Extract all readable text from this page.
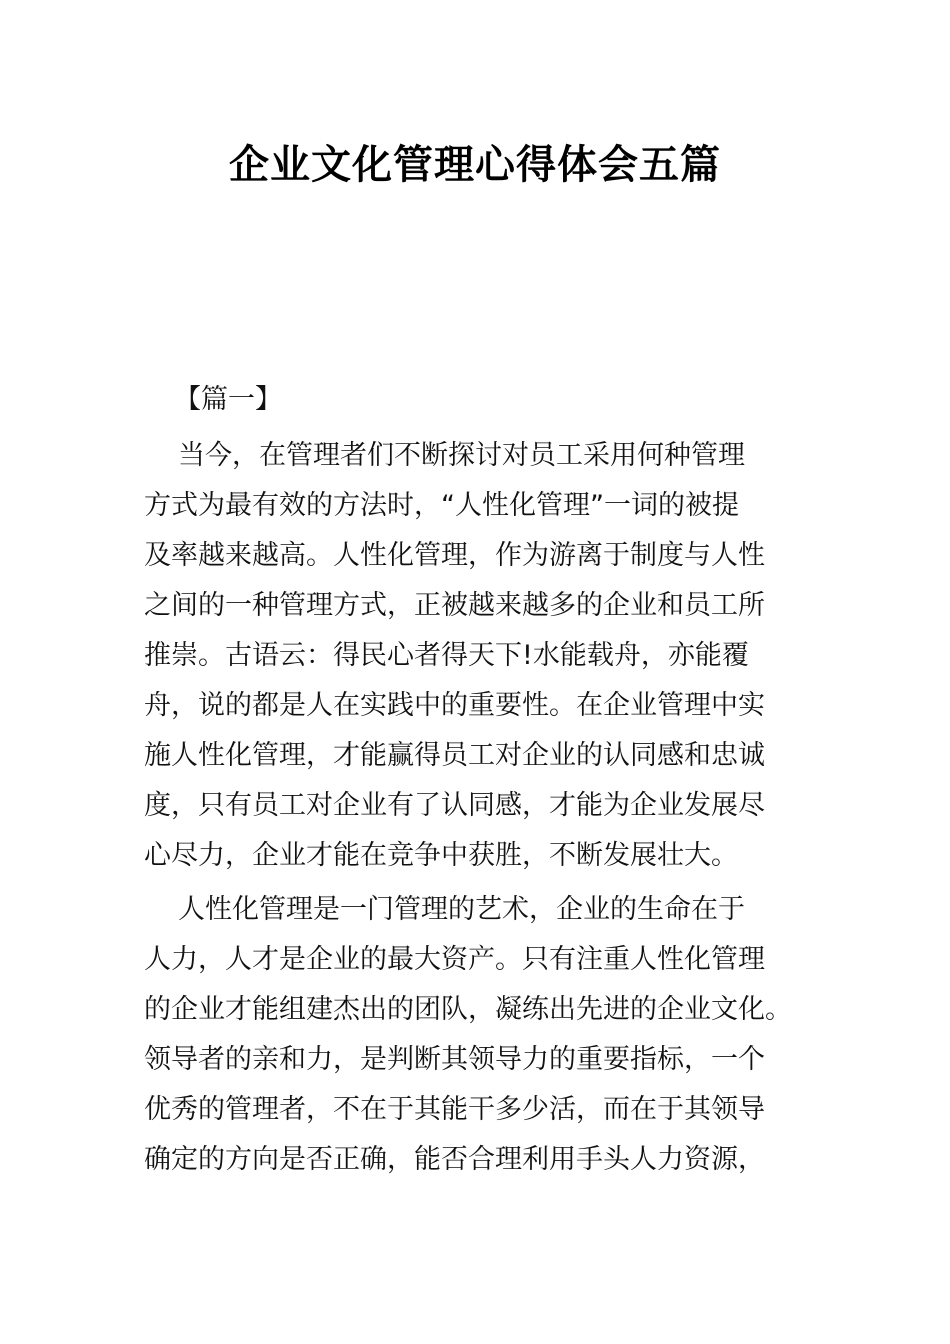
企业文化管理心得体会五篇
【篇一】
当今，在管理者们不断探讨对员工采用何种管理
方式为最有效的方法时，“人性化管理”一词的被提
及率越来越高。人性化管理，作为游离于制度与人性
之间的一种管理方式，正被越来越多的企业和员工所
推崇。古语云：得民心者得天下!水能载舟，亦能覆
舟，说的都是人在实践中的重要性。在企业管理中实
施人性化管理，才能赢得员工对企业的认同感和忠诚
度，只有员工对企业有了认同感，才能为企业发展尽
心尽力，企业才能在竞争中获胜，不断发展壮大。
人性化管理是一门管理的艺术，企业的生命在于
人力，人才是企业的最大资产。只有注重人性化管理
的企业才能组建杰出的团队，凝练出先进的企业文化。
领导者的亲和力，是判断其领导力的重要指标，一个
优秀的管理者，不在于其能干多少活，而在于其领导
确定的方向是否正确，能否合理利用手头人力资源，
